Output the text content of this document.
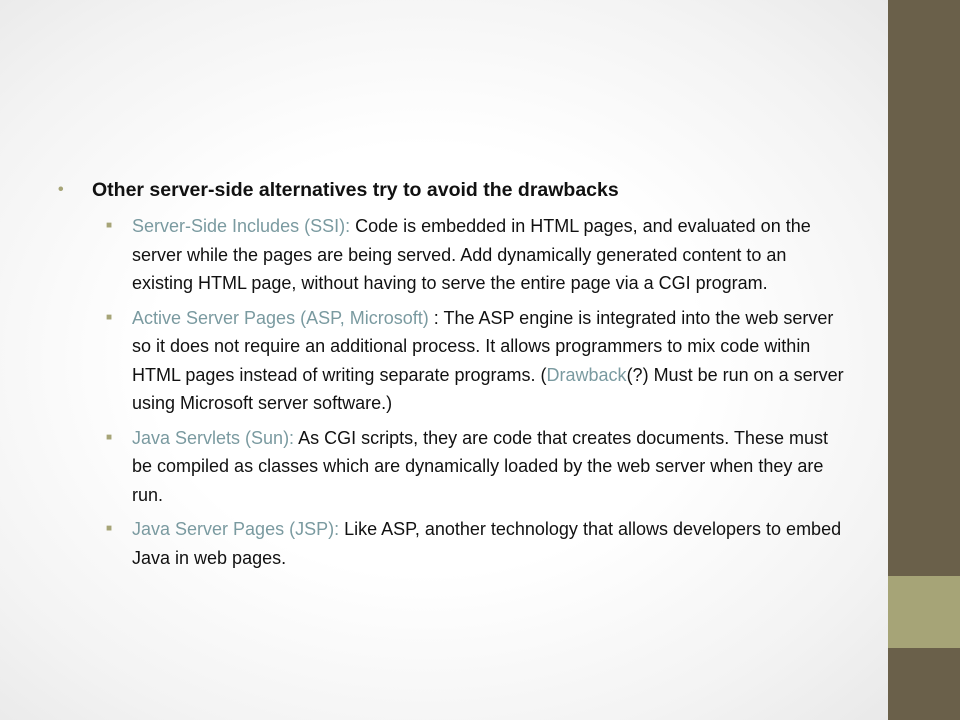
•	Other server-side alternatives try to avoid the drawbacks
■	Server-Side Includes (SSI): Code is embedded in HTML pages, and evaluated on the server while the pages are being served. Add dynamically generated content to an existing HTML page, without having to serve the entire page via a CGI program.
■	Active Server Pages (ASP, Microsoft) : The ASP engine is integrated into the web server so it does not require an additional process. It allows programmers to mix code within HTML pages instead of writing separate programs. (Drawback(?) Must be run on a server using Microsoft server software.)
■	Java Servlets (Sun): As CGI scripts, they are code that creates documents. These must be compiled as classes which are dynamically loaded by the web server when they are run.
■	Java Server Pages (JSP): Like ASP, another technology that allows developers to embed Java in web pages.
